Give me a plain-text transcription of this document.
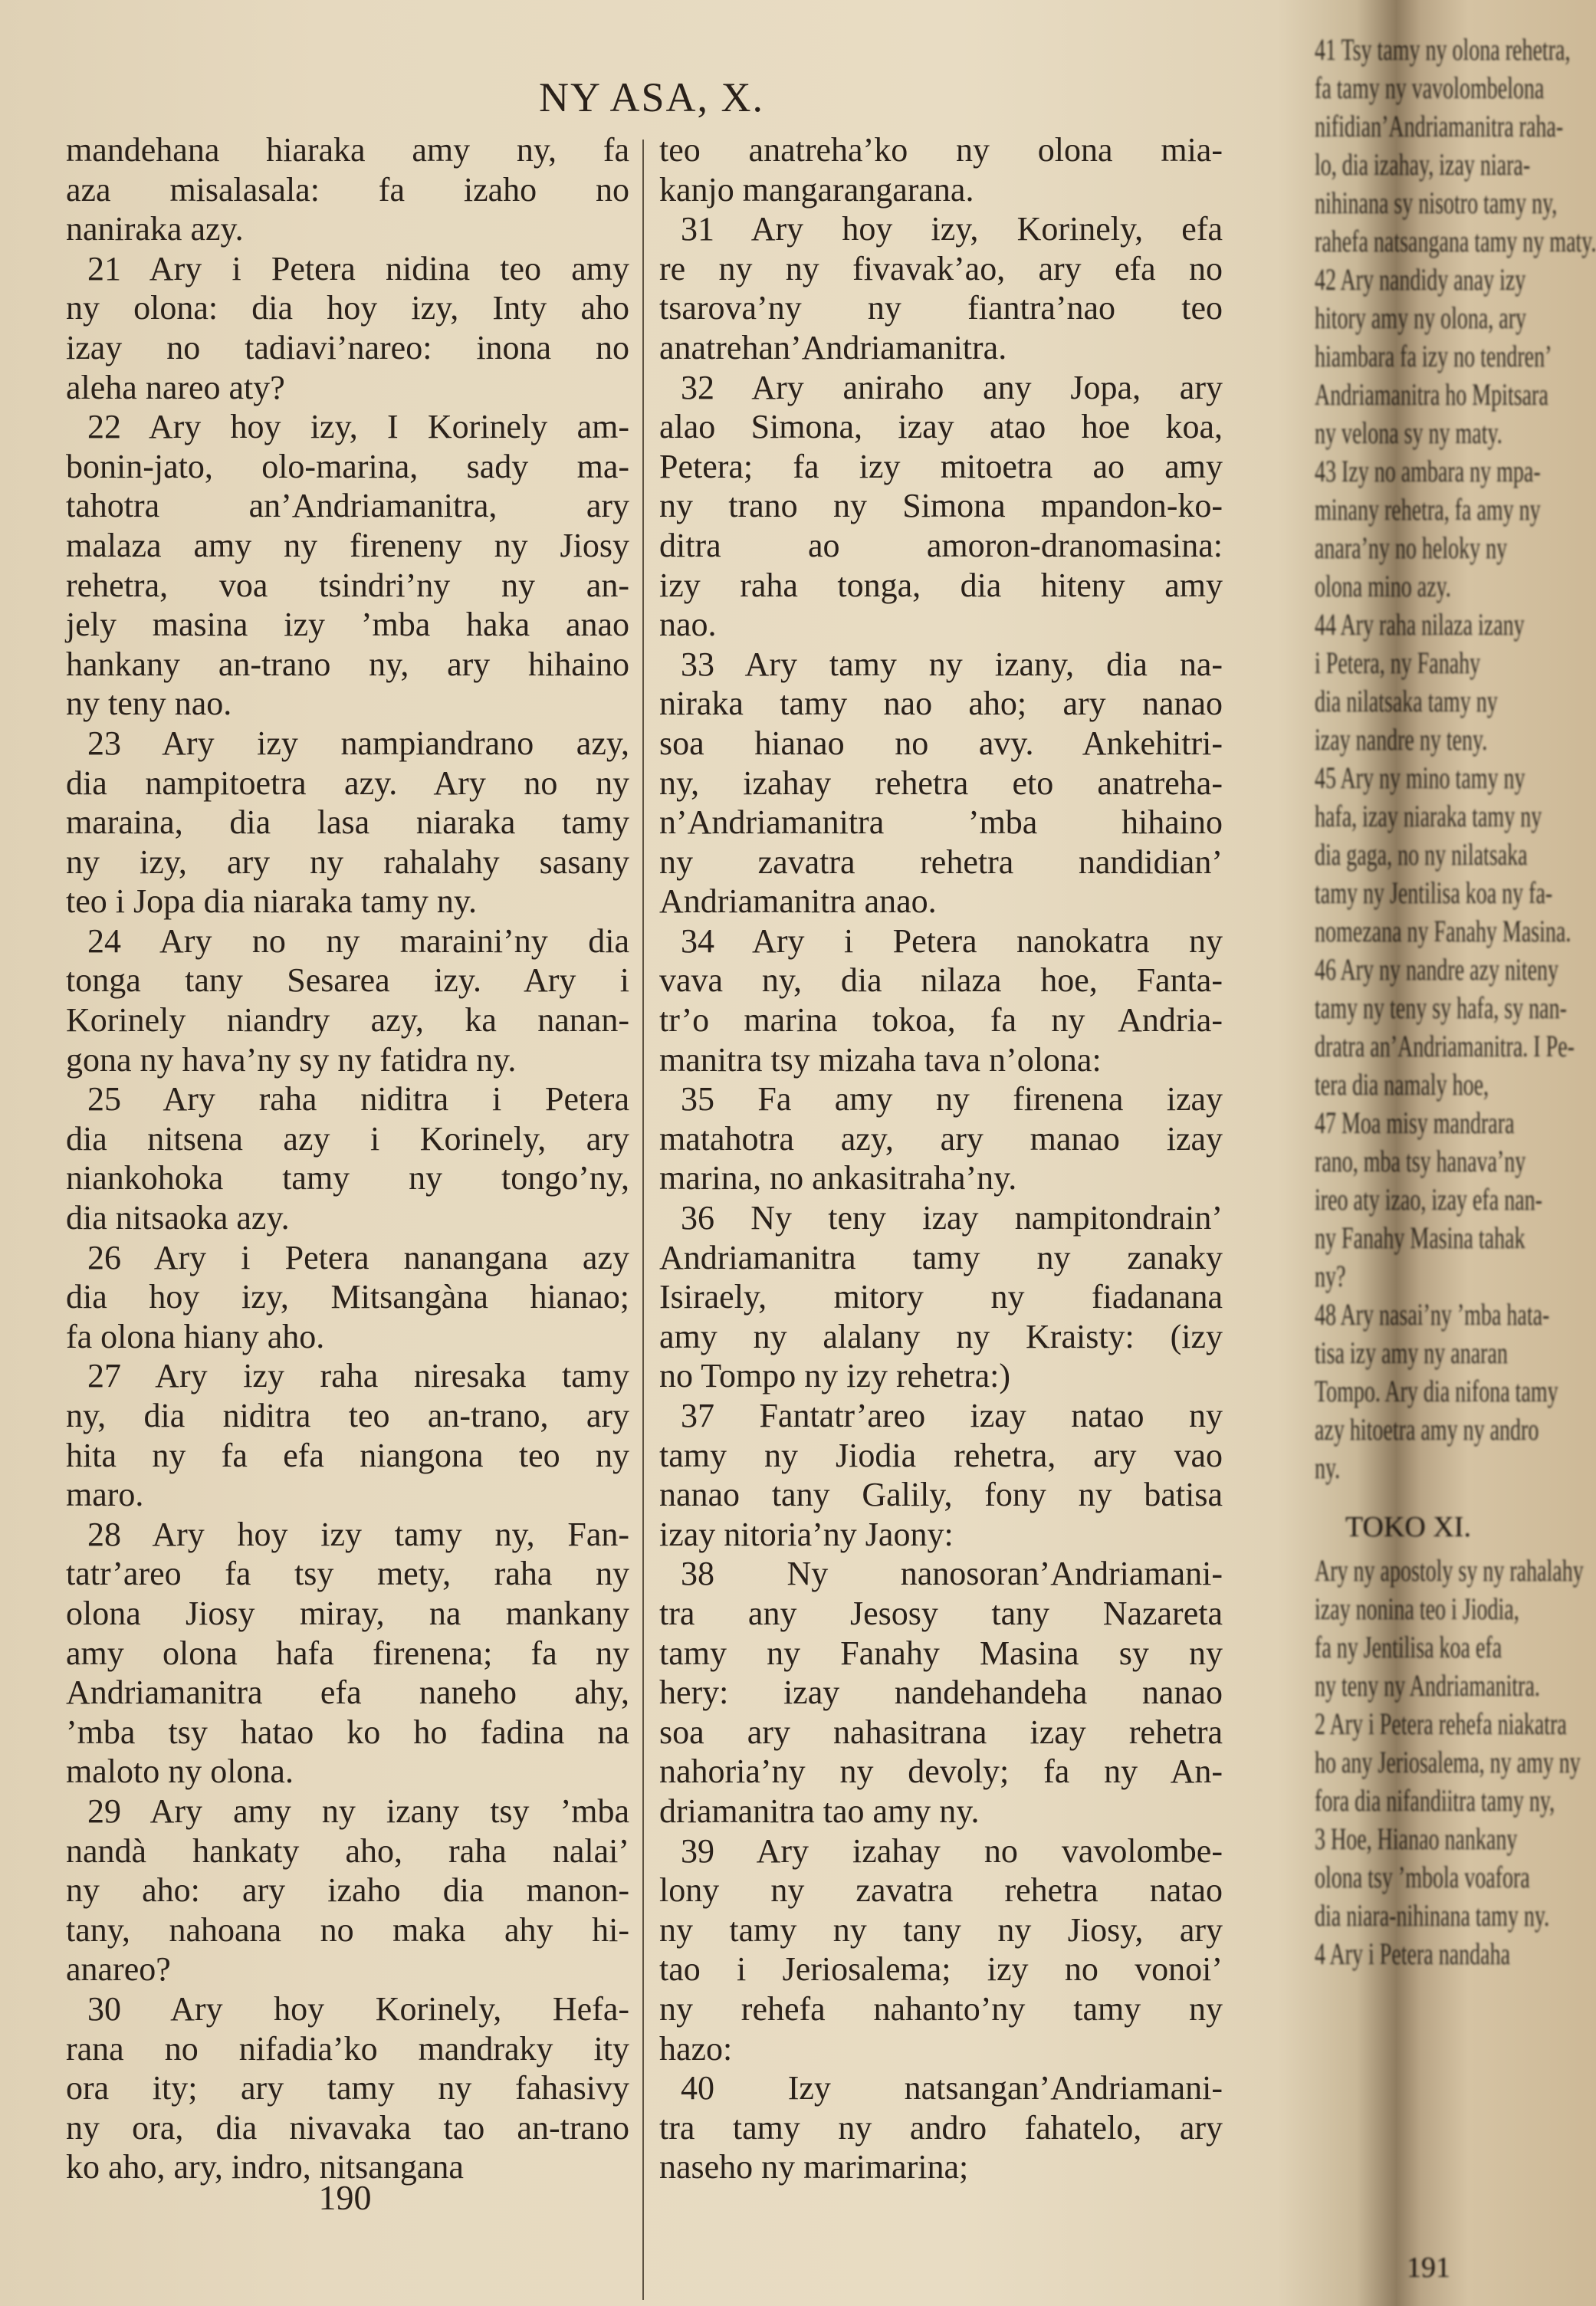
NY ASA, X.
mandehana hiaraka amy ny, fa
aza misalasala: fa izaho no
naniraka azy.
21 Ary i Petera nidina teo amy
ny olona: dia hoy izy, Inty aho
izay no tadiavi’nareo: inona no
aleha nareo aty?
22 Ary hoy izy, I Korinely am-
bonin-jato, olo-marina, sady ma-
tahotra an’Andriamanitra, ary
malaza amy ny fireneny ny Jiosy
rehetra, voa tsindri’ny ny an-
jely masina izy ’mba haka anao
hankany an-trano ny, ary hihaino
ny teny nao.
23 Ary izy nampiandrano azy,
dia nampitoetra azy. Ary no ny
maraina, dia lasa niaraka tamy
ny izy, ary ny rahalahy sasany
teo i Jopa dia niaraka tamy ny.
24 Ary no ny maraini’ny dia
tonga tany Sesarea izy. Ary i
Korinely niandry azy, ka nanan-
gona ny hava’ny sy ny fatidra ny.
25 Ary raha niditra i Petera
dia nitsena azy i Korinely, ary
niankohoka tamy ny tongo’ny,
dia nitsaoka azy.
26 Ary i Petera nanangana azy
dia hoy izy, Mitsangàna hianao;
fa olona hiany aho.
27 Ary izy raha niresaka tamy
ny, dia niditra teo an-trano, ary
hita ny fa efa niangona teo ny
maro.
28 Ary hoy izy tamy ny, Fan-
tatr’areo fa tsy mety, raha ny
olona Jiosy miray, na mankany
amy olona hafa firenena; fa ny
Andriamanitra efa naneho ahy,
’mba tsy hatao ko ho fadina na
maloto ny olona.
29 Ary amy ny izany tsy ’mba
nandà hankaty aho, raha nalai’
ny aho: ary izaho dia manon-
tany, nahoana no maka ahy hi-
anareo?
30 Ary hoy Korinely, Hefa-
rana no nifadia’ko mandraky ity
ora ity; ary tamy ny fahasivy
ny ora, dia nivavaka tao an-trano
ko aho, ary, indro, nitsangana
teo anatreha’ko ny olona mia-
kanjo mangarangarana.
31 Ary hoy izy, Korinely, efa
re ny ny fivavak’ao, ary efa no
tsarova’ny ny fiantra’nao teo
anatrehan’Andriamanitra.
32 Ary aniraho any Jopa, ary
alao Simona, izay atao hoe koa,
Petera; fa izy mitoetra ao amy
ny trano ny Simona mpandon-ko-
ditra ao amoron-dranomasina:
izy raha tonga, dia hiteny amy
nao.
33 Ary tamy ny izany, dia na-
niraka tamy nao aho; ary nanao
soa hianao no avy. Ankehitri-
ny, izahay rehetra eto anatreha-
n’Andriamanitra ’mba hihaino
ny zavatra rehetra nandidian’
Andriamanitra anao.
34 Ary i Petera nanokatra ny
vava ny, dia nilaza hoe, Fanta-
tr’o marina tokoa, fa ny Andria-
manitra tsy mizaha tava n’olona:
35 Fa amy ny firenena izay
matahotra azy, ary manao izay
marina, no ankasitraha’ny.
36 Ny teny izay nampitondrain’
Andriamanitra tamy ny zanaky
Isiraely, mitory ny fiadanana
amy ny alalany ny Kraisty: (izy
no Tompo ny izy rehetra:)
37 Fantatr’areo izay natao ny
tamy ny Jiodia rehetra, ary vao
nanao tany Galily, fony ny batisa
izay nitoria’ny Jaony:
38 Ny nanosoran’Andriamani-
tra any Jesosy tany Nazareta
tamy ny Fanahy Masina sy ny
hery: izay nandehandeha nanao
soa ary nahasitrana izay rehetra
nahoria’ny ny devoly; fa ny An-
driamanitra tao amy ny.
39 Ary izahay no vavolombe-
lony ny zavatra rehetra natao
ny tamy ny tany ny Jiosy, ary
tao i Jeriosalema; izy no vonoi’
ny rehefa nahanto’ny tamy ny
hazo:
40 Izy natsangan’Andriamani-
tra tamy ny andro fahatelo, ary
naseho ny marimarina;
190
41 Tsy tamy ny olona rehetra,
fa tamy ny vavolombelona
nifidian’Andriamanitra raha-
lo, dia izahay, izay niara-
nihinana sy nisotro tamy ny,
rahefa natsangana tamy ny maty.
42 Ary nandidy anay izy
hitory amy ny olona, ary
hiambara fa izy no tendren’
Andriamanitra ho Mpitsara
ny velona sy ny maty.
43 Izy no ambara ny mpa-
minany rehetra, fa amy ny
anara’ny no heloky ny
olona mino azy.
44 Ary raha nilaza izany
i Petera, ny Fanahy
dia nilatsaka tamy ny
izay nandre ny teny.
45 Ary ny mino tamy ny
hafa, izay niaraka tamy ny
dia gaga, no ny nilatsaka
tamy ny Jentilisa koa ny fa-
nomezana ny Fanahy Masina.
46 Ary ny nandre azy niteny
tamy ny teny sy hafa, sy nan-
dratra an’Andriamanitra. I Pe-
tera dia namaly hoe,
47 Moa misy mandrara
rano, mba tsy hanava’ny
ireo aty izao, izay efa nan-
ny Fanahy Masina tahak
ny?
48 Ary nasai’ny ’mba hata-
tisa izy amy ny anaran
Tompo. Ary dia nifona tamy
azy hitoetra amy ny andro
ny.
TOKO XI.
Ary ny apostoly sy ny rahalahy
izay nonina teo i Jiodia,
fa ny Jentilisa koa efa
ny teny ny Andriamanitra.
2 Ary i Petera rehefa niakatra
ho any Jeriosalema, ny amy ny
fora dia nifandiitra tamy ny,
3 Hoe, Hianao nankany
olona tsy ’mbola voafora
dia niara-nihinana tamy ny.
4 Ary i Petera nandaha
191
